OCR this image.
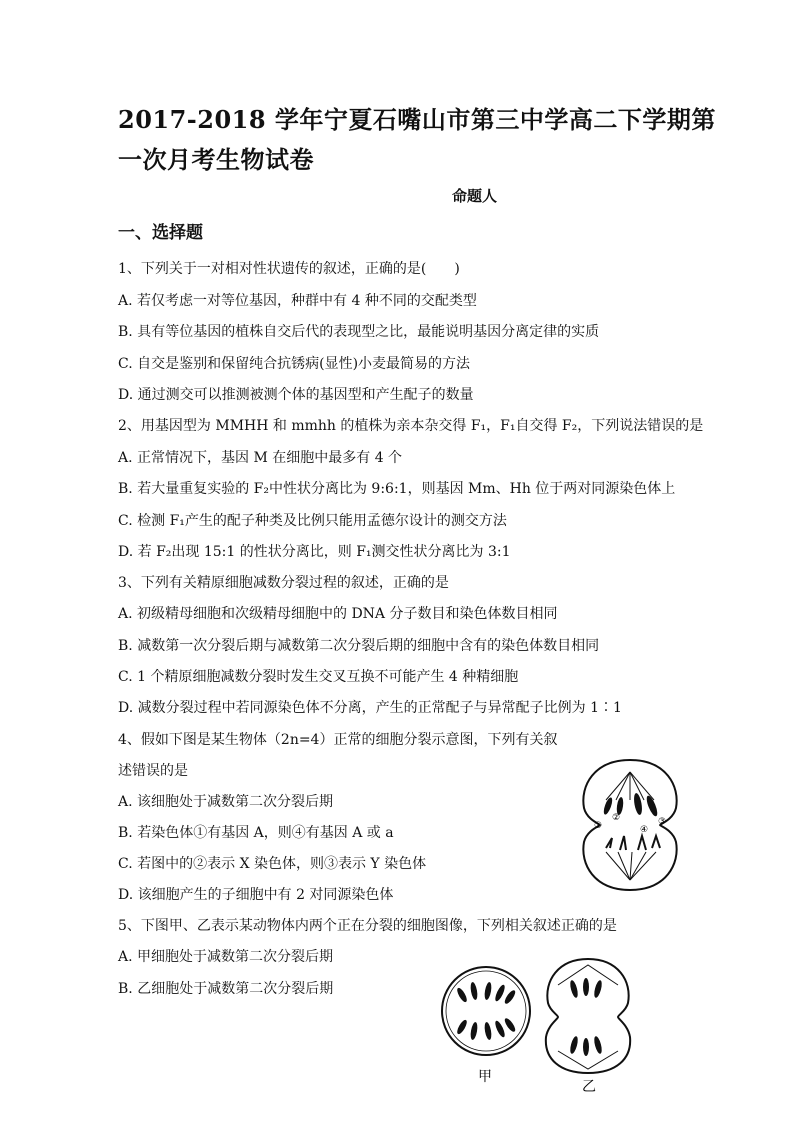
2017-2018 学年宁夏石嘴山市第三中学高二下学期第
一次月考生物试卷
命题人
一、选择题
1、下列关于一对相对性状遗传的叙述，正确的是(　　)
A. 若仅考虑一对等位基因，种群中有 4 种不同的交配类型
B. 具有等位基因的植株自交后代的表现型之比，最能说明基因分离定律的实质
C. 自交是鉴别和保留纯合抗锈病(显性)小麦最简易的方法
D. 通过测交可以推测被测个体的基因型和产生配子的数量
2、用基因型为 MMHH 和 mmhh 的植株为亲本杂交得 F₁，F₁自交得 F₂，下列说法错误的是
A. 正常情况下，基因 M 在细胞中最多有 4 个
B. 若大量重复实验的 F₂中性状分离比为 9:6:1，则基因 Mm、Hh 位于两对同源染色体上
C. 检测 F₁产生的配子种类及比例只能用孟德尔设计的测交方法
D. 若 F₂出现 15:1 的性状分离比，则 F₁测交性状分离比为 3:1
3、下列有关精原细胞减数分裂过程的叙述，正确的是
A. 初级精母细胞和次级精母细胞中的 DNA 分子数目和染色体数目相同
B. 减数第一次分裂后期与减数第二次分裂后期的细胞中含有的染色体数目相同
C. 1 个精原细胞减数分裂时发生交叉互换不可能产生 4 种精细胞
D. 减数分裂过程中若同源染色体不分离，产生的正常配子与异常配子比例为 1∶1
4、假如下图是某生物体（2n=4）正常的细胞分裂示意图，下列有关叙
述错误的是
A. 该细胞处于减数第二次分裂后期
B. 若染色体①有基因 A，则④有基因 A 或 a
C. 若图中的②表示 X 染色体，则③表示 Y 染色体
D. 该细胞产生的子细胞中有 2 对同源染色体
5、下图甲、乙表示某动物体内两个正在分裂的细胞图像，下列相关叙述正确的是
A. 甲细胞处于减数第二次分裂后期
B. 乙细胞处于减数第二次分裂后期
①
②	③
④
甲
乙
